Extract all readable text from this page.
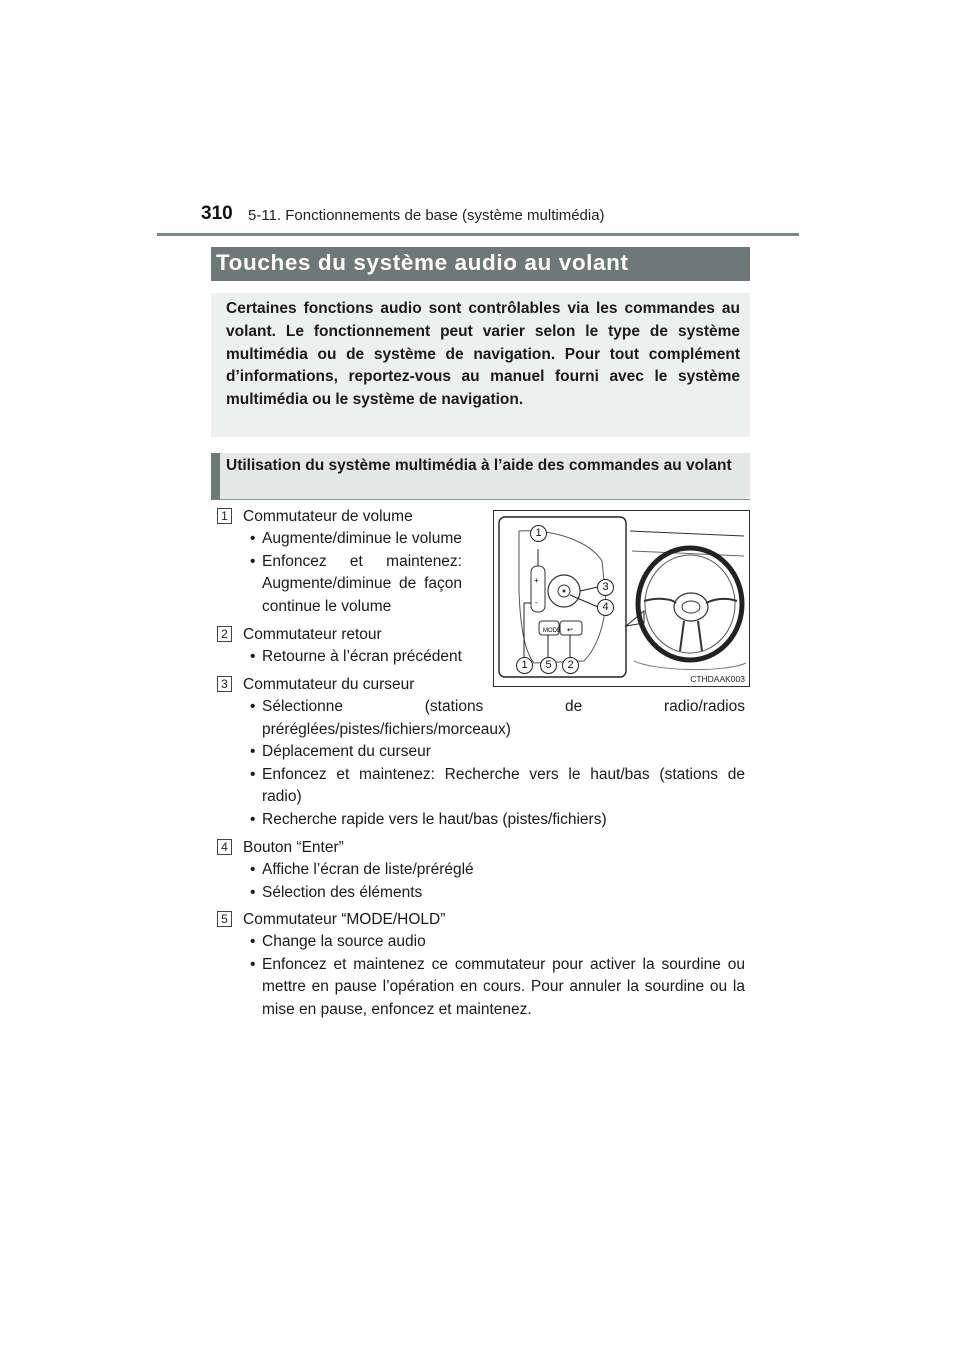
310 5-11. Fonctionnements de base (système multimédia)
Touches du système audio au volant

Certaines fonctions audio sont contrôlables via les commandes au volant. Le fonctionnement peut varier selon le type de système multimédia ou de système de navigation. Pour tout complément d’informations, reportez-vous au manuel fourni avec le système multimédia ou le système de navigation.

Utilisation du système multimédia à l’aide des commandes au volant
+
-
MODE ↩
1
3
4
1	5	2
CTHDAAK003
1 Commutateur de volume
• Augmente/diminue le volume
• Enfoncez et maintenez: Augmente/diminue de façon continue le volume
2 Commutateur retour
• Retourne à l’écran précédent
3 Commutateur du curseur
• Sélectionne (stations de radio/radios préréglées/pistes/fichiers/morceaux)
• Déplacement du curseur
• Enfoncez et maintenez: Recherche vers le haut/bas (stations de radio)
• Recherche rapide vers le haut/bas (pistes/fichiers)
4 Bouton “Enter”
• Affiche l’écran de liste/préréglé
• Sélection des éléments
5 Commutateur “MODE/HOLD”
• Change la source audio
• Enfoncez et maintenez ce commutateur pour activer la sourdine ou mettre en pause l’opération en cours. Pour annuler la sourdine ou la mise en pause, enfoncez et maintenez.
